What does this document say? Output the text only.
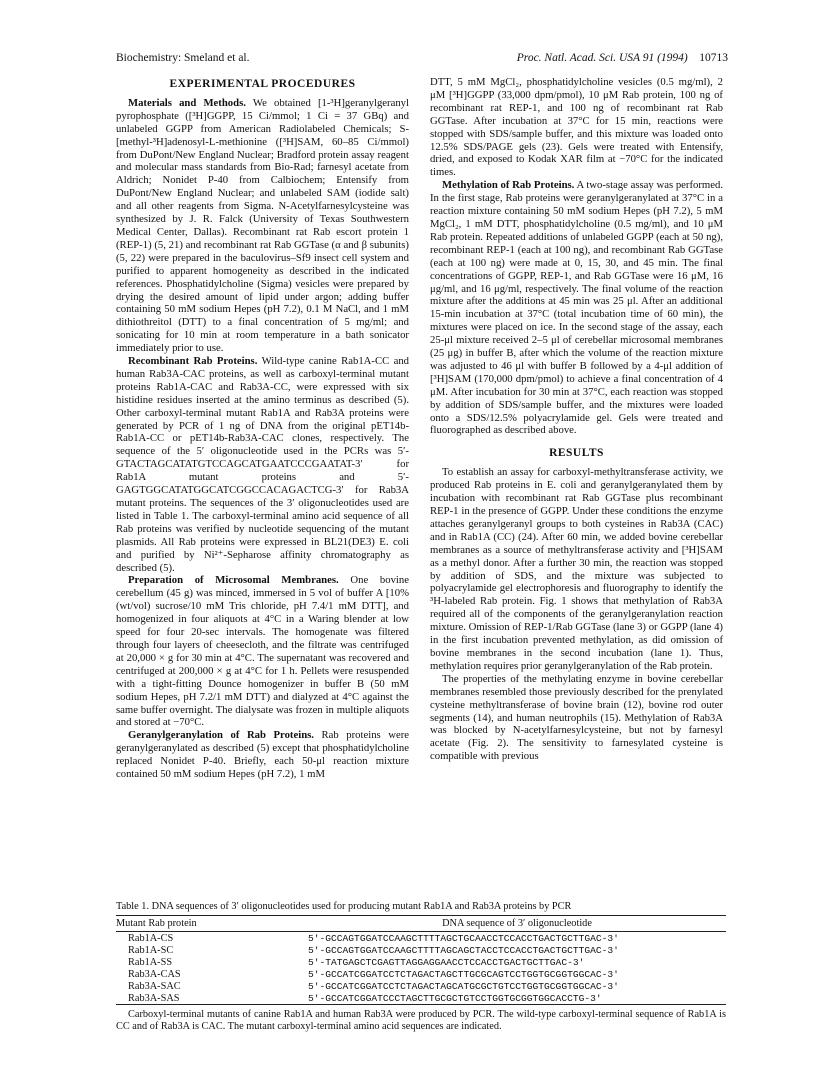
Biochemistry: Smeland et al.	Proc. Natl. Acad. Sci. USA 91 (1994) 10713
EXPERIMENTAL PROCEDURES

Materials and Methods. We obtained [1-³H]geranylgeranyl pyrophosphate ([³H]GGPP, 15 Ci/mmol; 1 Ci = 37 GBq) and unlabeled GGPP from American Radiolabeled Chemicals; S-[methyl-³H]adenosyl-L-methionine ([³H]SAM, 60–85 Ci/mmol) from DuPont/New England Nuclear; Bradford protein assay reagent and molecular mass standards from Bio-Rad; farnesyl acetate from Aldrich; Nonidet P-40 from Calbiochem; Entensify from DuPont/New England Nuclear; and unlabeled SAM (iodide salt) and all other reagents from Sigma. N-Acetylfarnesylcysteine was synthesized by J. R. Falck (University of Texas Southwestern Medical Center, Dallas). Recombinant rat Rab escort protein 1 (REP-1) (5, 21) and recombinant rat Rab GGTase (α and β subunits) (5, 22) were prepared in the baculovirus–Sf9 insect cell system and purified to apparent homogeneity as described in the indicated references. Phosphatidylcholine (Sigma) vesicles were prepared by drying the desired amount of lipid under argon; adding buffer containing 50 mM sodium Hepes (pH 7.2), 0.1 M NaCl, and 1 mM dithiothreitol (DTT) to a final concentration of 5 mg/ml; and sonicating for 10 min at room temperature in a bath sonicator immediately prior to use.

Recombinant Rab Proteins. Wild-type canine Rab1A-CC and human Rab3A-CAC proteins, as well as carboxyl-terminal mutant proteins Rab1A-CAC and Rab3A-CC, were expressed with six histidine residues inserted at the amino terminus as described (5). Other carboxyl-terminal mutant Rab1A and Rab3A proteins were generated by PCR of 1 ng of DNA from the original pET14b-Rab1A-CC or pET14b-Rab3A-CAC clones, respectively. The sequence of the 5′ oligonucleotide used in the PCRs was 5′-GTACTAGCATATGTCCAGCATGAATCCCGAATAT-3′ for Rab1A mutant proteins and 5′-GAGTGGCATATGGCATCGGCCACAGACTCG-3′ for Rab3A mutant proteins. The sequences of the 3′ oligonucleotides used are listed in Table 1. The carboxyl-terminal amino acid sequence of all Rab proteins was verified by nucleotide sequencing of the mutant plasmids. All Rab proteins were expressed in BL21(DE3) E. coli and purified by Ni²⁺-Sepharose affinity chromatography as described (5).

Preparation of Microsomal Membranes. One bovine cerebellum (45 g) was minced, immersed in 5 vol of buffer A [10% (wt/vol) sucrose/10 mM Tris chloride, pH 7.4/1 mM DTT], and homogenized in four aliquots at 4°C in a Waring blender at low speed for four 20-sec intervals. The homogenate was filtered through four layers of cheesecloth, and the filtrate was centrifuged at 20,000 × g for 30 min at 4°C. The supernatant was recovered and centrifuged at 200,000 × g at 4°C for 1 h. Pellets were resuspended with a tight-fitting Dounce homogenizer in buffer B (50 mM sodium Hepes, pH 7.2/1 mM DTT) and dialyzed at 4°C against the same buffer overnight. The dialysate was frozen in multiple aliquots and stored at −70°C.

Geranylgeranylation of Rab Proteins. Rab proteins were geranylgeranylated as described (5) except that phosphatidylcholine replaced Nonidet P-40. Briefly, each 50-μl reaction mixture contained 50 mM sodium Hepes (pH 7.2), 1 mM

DTT, 5 mM MgCl₂, phosphatidylcholine vesicles (0.5 mg/ml), 2 μM [³H]GGPP (33,000 dpm/pmol), 10 μM Rab protein, 100 ng of recombinant rat REP-1, and 100 ng of recombinant rat Rab GGTase. After incubation at 37°C for 15 min, reactions were stopped with SDS/sample buffer, and this mixture was loaded onto 12.5% SDS/PAGE gels (23). Gels were treated with Entensify, dried, and exposed to Kodak XAR film at −70°C for the indicated times.

Methylation of Rab Proteins. A two-stage assay was performed. In the first stage, Rab proteins were geranylgeranylated at 37°C in a reaction mixture containing 50 mM sodium Hepes (pH 7.2), 5 mM MgCl₂, 1 mM DTT, phosphatidylcholine (0.5 mg/ml), and 10 μM Rab protein. Repeated additions of unlabeled GGPP (each at 50 ng), recombinant REP-1 (each at 100 ng), and recombinant Rab GGTase (each at 100 ng) were made at 0, 15, 30, and 45 min. The final concentrations of GGPP, REP-1, and Rab GGTase were 16 μM, 16 μg/ml, and 16 μg/ml, respectively. The final volume of the reaction mixture after the additions at 45 min was 25 μl. After an additional 15-min incubation at 37°C (total incubation time of 60 min), the mixtures were placed on ice. In the second stage of the assay, each 25-μl mixture received 2–5 μl of cerebellar microsomal membranes (25 μg) in buffer B, after which the volume of the reaction mixture was adjusted to 46 μl with buffer B followed by a 4-μl addition of [³H]SAM (170,000 dpm/pmol) to achieve a final concentration of 4 μM. After incubation for 30 min at 37°C, each reaction was stopped by addition of SDS/sample buffer, and the mixtures were loaded onto a SDS/12.5% polyacrylamide gel. Gels were treated and fluorographed as described above.

RESULTS

To establish an assay for carboxyl-methyltransferase activity, we produced Rab proteins in E. coli and geranylgeranylated them by incubation with recombinant rat Rab GGTase plus recombinant REP-1 in the presence of GGPP. Under these conditions the enzyme attaches geranylgeranyl groups to both cysteines in Rab3A (CAC) and in Rab1A (CC) (24). After 60 min, we added bovine cerebellar membranes as a source of methyltransferase activity and [³H]SAM as a methyl donor. After a further 30 min, the reaction was stopped by addition of SDS, and the mixture was subjected to polyacrylamide gel electrophoresis and fluorography to identify the ³H-labeled Rab protein. Fig. 1 shows that methylation of Rab3A required all of the components of the geranylgeranylation reaction mixture. Omission of REP-1/Rab GGTase (lane 3) or GGPP (lane 4) in the first incubation prevented methylation, as did omission of bovine membranes in the second incubation (lane 1). Thus, methylation requires prior geranylgeranylation of the Rab protein.

The properties of the methylating enzyme in bovine cerebellar membranes resembled those previously described for the prenylated cysteine methyltransferase of bovine brain (12), bovine rod outer segments (14), and human neutrophils (15). Methylation of Rab3A was blocked by N-acetylfarnesylcysteine, but not by farnesyl acetate (Fig. 2). The sensitivity to farnesylated cysteine is compatible with previous

Table 1. DNA sequences of 3′ oligonucleotides used for producing mutant Rab1A and Rab3A proteins by PCR
Mutant Rab protein	DNA sequence of 3′ oligonucleotide
Rab1A-CS	5′-GCCAGTGGATCCAAGCTTTTAGCTGCAACCTCCACCTGACTGCTTGAC-3′
Rab1A-SC	5′-GCCAGTGGATCCAAGCTTTTAGCAGCTACCTCCACCTGACTGCTTGAC-3′
Rab1A-SS	5′-TATGAGCTCGAGTTAGGAGGAACCTCCACCTGACTGCTTGAC-3′
Rab3A-CAS	5′-GCCATCGGATCCTCTAGACTAGCTTGCGCAGTCCTGGTGCGGTGGCAC-3′
Rab3A-SAC	5′-GCCATCGGATCCTCTAGACTAGCATGCGCTGTCCTGGTGCGGTGGCAC-3′
Rab3A-SAS	5′-GCCATCGGATCCCTAGCTTGCGCTGTCCTGGTGCGGTGGCACCTG-3′
Carboxyl-terminal mutants of canine Rab1A and human Rab3A were produced by PCR. The wild-type carboxyl-terminal sequence of Rab1A is CC and of Rab3A is CAC. The mutant carboxyl-terminal amino acid sequences are indicated.
